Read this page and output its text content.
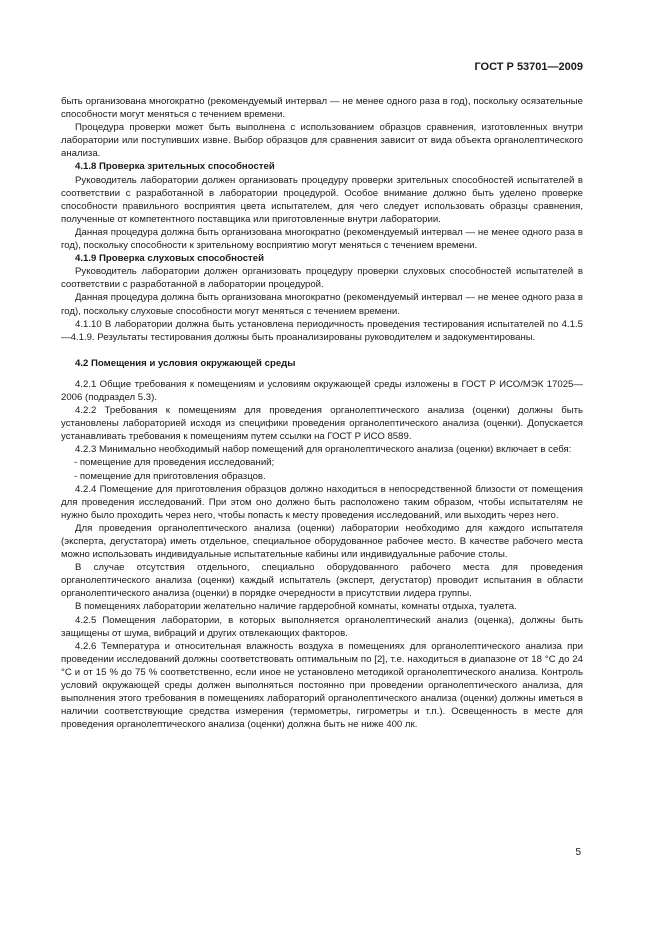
ГОСТ Р 53701—2009

быть организована многократно (рекомендуемый интервал — не менее одного раза в год), поскольку осязательные способности могут меняться с течением времени.

Процедура проверки может быть выполнена с использованием образцов сравнения, изготовленных внутри лаборатории или поступивших извне. Выбор образцов для сравнения зависит от вида объекта органолептического анализа.

4.1.8 Проверка зрительных способностей

Руководитель лаборатории должен организовать процедуру проверки зрительных способностей испытателей в соответствии с разработанной в лаборатории процедурой. Особое внимание должно быть уделено проверке способности правильного восприятия цвета испытателем, для чего следует использовать образцы сравнения, полученные от компетентного поставщика или приготовленные внутри лаборатории.

Данная процедура должна быть организована многократно (рекомендуемый интервал — не менее одного раза в год), поскольку способности к зрительному восприятию могут меняться с течением времени.

4.1.9 Проверка слуховых способностей

Руководитель лаборатории должен организовать процедуру проверки слуховых способностей испытателей в соответствии с разработанной в лаборатории процедурой.

Данная процедура должна быть организована многократно (рекомендуемый интервал — не менее одного раза в год), поскольку слуховые способности могут меняться с течением времени.

4.1.10 В лаборатории должна быть установлена периодичность проведения тестирования испытателей по 4.1.5—4.1.9. Результаты тестирования должны быть проанализированы руководителем и задокументированы.

4.2 Помещения и условия окружающей среды

4.2.1 Общие требования к помещениям и условиям окружающей среды изложены в ГОСТ Р ИСО/МЭК 17025—2006 (подраздел 5.3).

4.2.2 Требования к помещениям для проведения органолептического анализа (оценки) должны быть установлены лабораторией исходя из специфики проведения органолептического анализа (оценки). Допускается устанавливать требования к помещениям путем ссылки на ГОСТ Р ИСО 8589.

4.2.3 Минимально необходимый набор помещений для органолептического анализа (оценки) включает в себя:

- помещение для проведения исследований;

- помещение для приготовления образцов.

4.2.4 Помещение для приготовления образцов должно находиться в непосредственной близости от помещения для проведения исследований. При этом оно должно быть расположено таким образом, чтобы испытателям не нужно было проходить через него, чтобы попасть к месту проведения исследований, или выходить через него.

Для проведения органолептического анализа (оценки) лаборатории необходимо для каждого испытателя (эксперта, дегустатора) иметь отдельное, специальное оборудованное рабочее место. В качестве рабочего места можно использовать индивидуальные испытательные кабины или индивидуальные рабочие столы.

В случае отсутствия отдельного, специально оборудованного рабочего места для проведения органолептического анализа (оценки) каждый испытатель (эксперт, дегустатор) проводит испытания в области органолептического анализа (оценки) в порядке очередности в присутствии лидера группы.

В помещениях лаборатории желательно наличие гардеробной комнаты, комнаты отдыха, туалета.

4.2.5 Помещения лаборатории, в которых выполняется органолептический анализ (оценка), должны быть защищены от шума, вибраций и других отвлекающих факторов.

4.2.6 Температура и относительная влажность воздуха в помещениях для органолептического анализа при проведении исследований должны соответствовать оптимальным по [2], т.е. находиться в диапазоне от 18 °С до 24 °С и от 15 % до 75 % соответственно, если иное не установлено методикой органолептического анализа. Контроль условий окружающей среды должен выполняться постоянно при проведении органолептического анализа, для выполнения этого требования в помещениях лабораторий органолептического анализа (оценки) должны иметься в наличии соответствующие средства измерения (термометры, гигрометры и т.п.). Освещенность в месте для проведения органолептического анализа (оценки) должна быть не ниже 400 лк.

5
